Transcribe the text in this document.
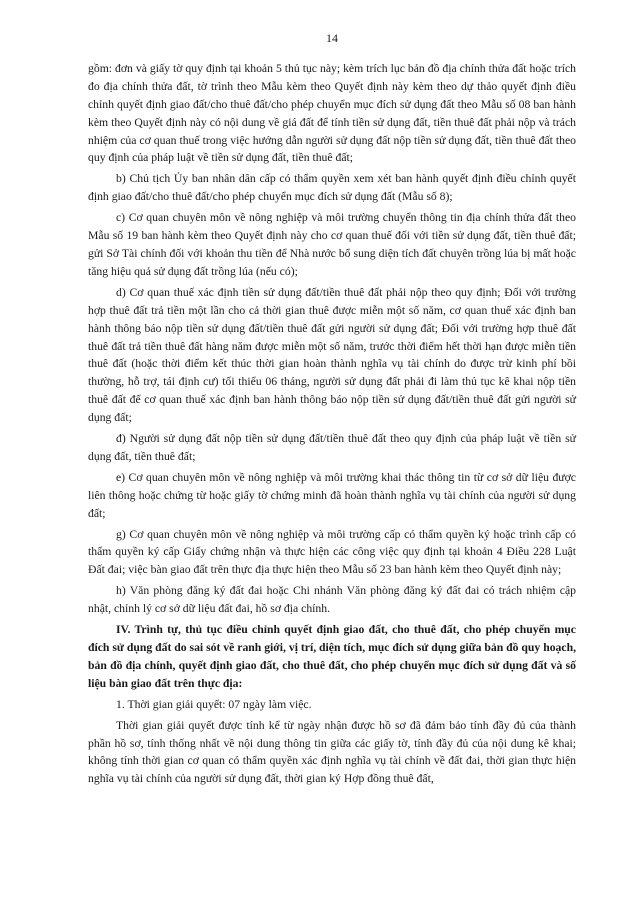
14

gồm: đơn và giấy tờ quy định tại khoản 5 thủ tục này; kèm trích lục bản đồ địa chính thửa đất hoặc trích đo địa chính thửa đất, tờ trình theo Mẫu kèm theo Quyết định này kèm theo dự thảo quyết định điều chỉnh quyết định giao đất/cho thuê đất/cho phép chuyển mục đích sử dụng đất theo Mẫu số 08 ban hành kèm theo Quyết định này có nội dung về giá đất để tính tiền sử dụng đất, tiền thuê đất phải nộp và trách nhiệm của cơ quan thuế trong việc hướng dẫn người sử dụng đất nộp tiền sử dụng đất, tiền thuê đất theo quy định của pháp luật về tiền sử dụng đất, tiền thuê đất;

b) Chủ tịch Ủy ban nhân dân cấp có thẩm quyền xem xét ban hành quyết định điều chỉnh quyết định giao đất/cho thuê đất/cho phép chuyển mục đích sử dụng đất (Mẫu số 8);

c) Cơ quan chuyên môn về nông nghiệp và môi trường chuyển thông tin địa chính thửa đất theo Mẫu số 19 ban hành kèm theo Quyết định này cho cơ quan thuế đối với tiền sử dụng đất, tiền thuê đất; gửi Sở Tài chính đối với khoản thu tiền để Nhà nước bổ sung diện tích đất chuyên trồng lúa bị mất hoặc tăng hiệu quả sử dụng đất trồng lúa (nếu có);

d) Cơ quan thuế xác định tiền sử dụng đất/tiền thuê đất phải nộp theo quy định; Đối với trường hợp thuê đất trả tiền một lần cho cả thời gian thuê được miễn một số năm, cơ quan thuế xác định ban hành thông báo nộp tiền sử dụng đất/tiền thuê đất gửi người sử dụng đất; Đối với trường hợp thuê đất thuê đất trả tiền thuê đất hàng năm được miễn một số năm, trước thời điểm hết thời hạn được miễn tiền thuê đất (hoặc thời điểm kết thúc thời gian hoàn thành nghĩa vụ tài chính do được trừ kinh phí bồi thường, hỗ trợ, tái định cư) tối thiểu 06 tháng, người sử dụng đất phải đi làm thủ tục kê khai nộp tiền thuê đất để cơ quan thuế xác định ban hành thông báo nộp tiền sử dụng đất/tiền thuê đất gửi người sử dụng đất;

đ) Người sử dụng đất nộp tiền sử dụng đất/tiền thuê đất theo quy định của pháp luật về tiền sử dụng đất, tiền thuê đất;

e) Cơ quan chuyên môn về nông nghiệp và môi trường khai thác thông tin từ cơ sở dữ liệu được liên thông hoặc chứng từ hoặc giấy tờ chứng minh đã hoàn thành nghĩa vụ tài chính của người sử dụng đất;

g) Cơ quan chuyên môn về nông nghiệp và môi trường cấp có thẩm quyền ký hoặc trình cấp có thẩm quyền ký cấp Giấy chứng nhận và thực hiện các công việc quy định tại khoản 4 Điều 228 Luật Đất đai; việc bàn giao đất trên thực địa thực hiện theo Mẫu số 23 ban hành kèm theo Quyết định này;

h) Văn phòng đăng ký đất đai hoặc Chi nhánh Văn phòng đăng ký đất đai có trách nhiệm cập nhật, chỉnh lý cơ sở dữ liệu đất đai, hồ sơ địa chính.

IV. Trình tự, thủ tục điều chỉnh quyết định giao đất, cho thuê đất, cho phép chuyển mục đích sử dụng đất do sai sót về ranh giới, vị trí, diện tích, mục đích sử dụng giữa bản đồ quy hoạch, bản đồ địa chính, quyết định giao đất, cho thuê đất, cho phép chuyển mục đích sử dụng đất và số liệu bàn giao đất trên thực địa:

1. Thời gian giải quyết: 07 ngày làm việc.

Thời gian giải quyết được tính kể từ ngày nhận được hồ sơ đã đảm bảo tính đầy đủ của thành phần hồ sơ, tính thống nhất về nội dung thông tin giữa các giấy tờ, tính đầy đủ của nội dung kê khai; không tính thời gian cơ quan có thẩm quyền xác định nghĩa vụ tài chính về đất đai, thời gian thực hiện nghĩa vụ tài chính của người sử dụng đất, thời gian ký Hợp đồng thuê đất,
